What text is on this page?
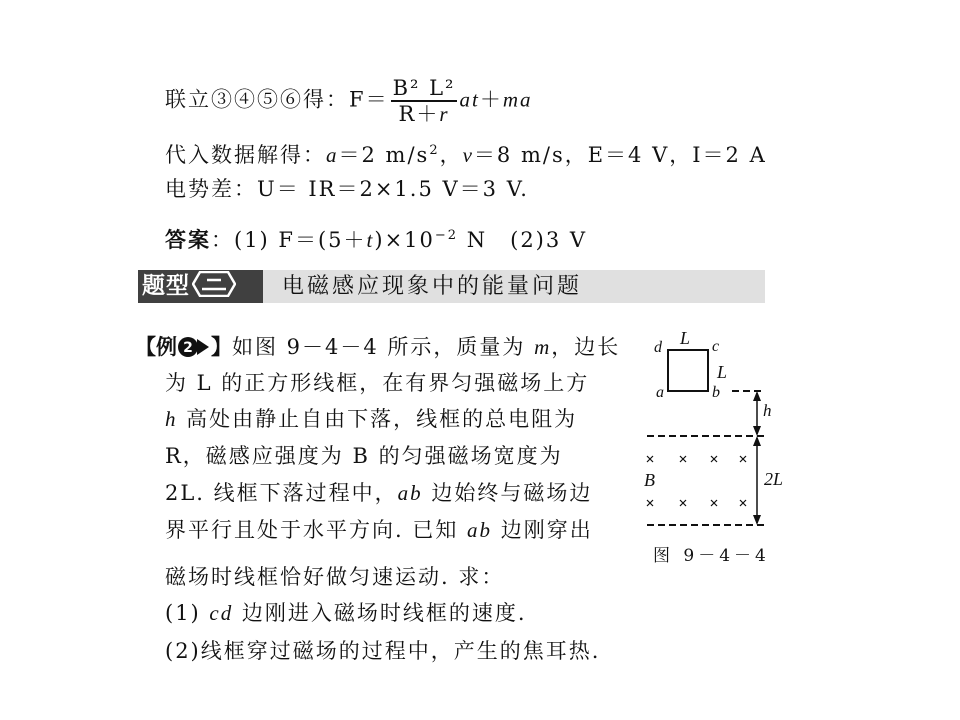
联立③④⑤⑥得：$F= \frac{\text{B² L²}}{R+r} at+ma$
代入数据解得：a＝2 $m/s^2$，v＝8 m/s，E＝4 V，I＝2 A
电势差：U＝ IR＝2×1.5 V＝3 V.
答案：(1) $F=(5+t)\times 10^{-2}$ N　(2)3 V
题型	电磁感应现象中的能量问题
【例 2 】如图 9－4－4 所示，质量为 m，边长
为 L 的正方形线框，在有界匀强磁场上方
h 高处由静止自由下落，线框的总电阻为
R，磁感应强度为 B 的匀强磁场宽度为
2L. 线框下落过程中，ab 边始终与磁场边
界平行且处于水平方向. 已知 ab 边刚穿出
磁场时线框恰好做匀速运动. 求：
(1) cd 边刚进入磁场时线框的速度.
(2)线框穿过磁场的过程中，产生的焦耳热.
d L c
L
a	b
h
B	2L
图 9－4－4
